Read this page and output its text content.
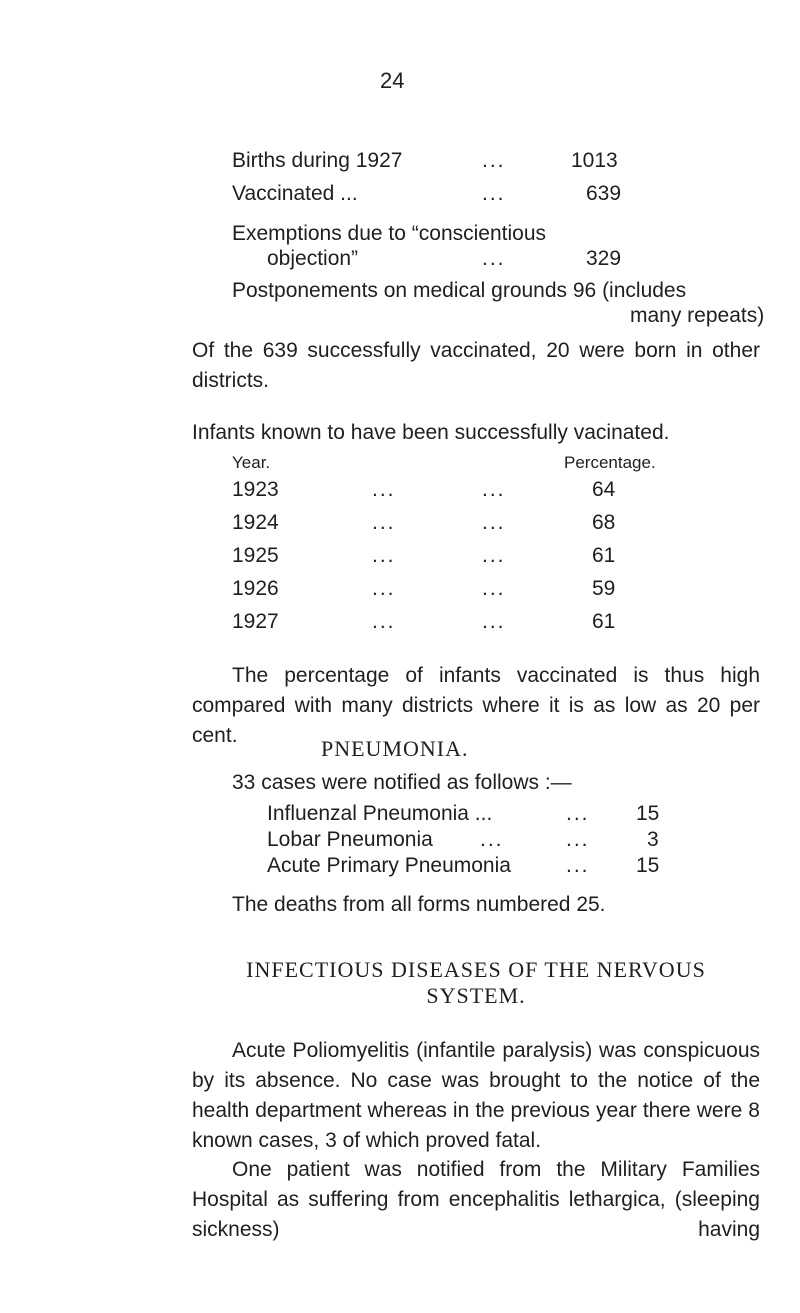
24
Births during 1927	...	1013
Vaccinated ...	...	639
Exemptions due to “conscientious
objection”	...	329
Postponements on medical grounds 96 (includes
many repeats)
Of the 639 successfully vaccinated, 20 were born in other districts.
Infants known to have been successfully vacinated.
Year.	Percentage.
1923	...	...	64
1924	...	...	68
1925	...	...	61
1926	...	...	59
1927	...	...	61
The percentage of infants vaccinated is thus high compared with many districts where it is as low as 20 per cent.
PNEUMONIA.
33 cases were notified as follows :—
Influenzal Pneumonia ...	... 15
Lobar Pneumonia ...	...	3
Acute Primary Pneumonia	... 15
The deaths from all forms numbered 25.
INFECTIOUS DISEASES OF THE NERVOUS
SYSTEM.
Acute Poliomyelitis (infantile paralysis) was conspicuous by its absence. No case was brought to the notice of the health department whereas in the previous year there were 8 known cases, 3 of which proved fatal.
One patient was notified from the Military Families Hospital as suffering from encephalitis lethargica, (sleeping sickness) having
